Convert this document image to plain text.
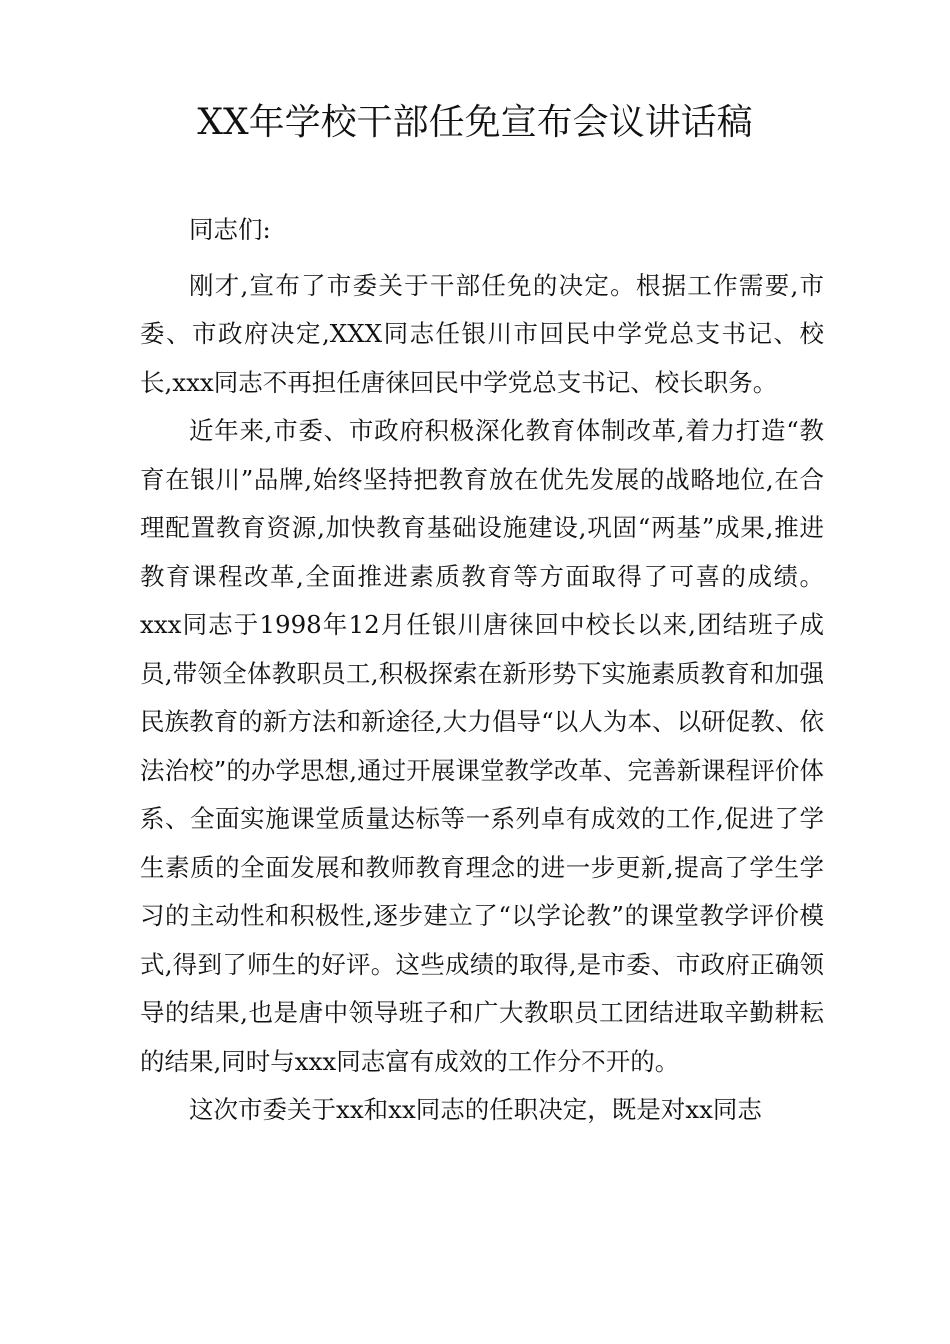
XX年学校干部任免宣布会议讲话稿

同志们:

刚才,宣布了市委关于干部任免的决定。根据工作需要,市委、市政府决定,XXX同志任银川市回民中学党总支书记、校长,xxx同志不再担任唐徕回民中学党总支书记、校长职务。

近年来,市委、市政府积极深化教育体制改革,着力打造“教育在银川”品牌,始终坚持把教育放在优先发展的战略地位,在合理配置教育资源,加快教育基础设施建设,巩固“两基”成果,推进教育课程改革,全面推进素质教育等方面取得了可喜的成绩。xxx同志于1998年12月任银川唐徕回中校长以来,团结班子成员,带领全体教职员工,积极探索在新形势下实施素质教育和加强民族教育的新方法和新途径,大力倡导“以人为本、以研促教、依法治校”的办学思想,通过开展课堂教学改革、完善新课程评价体系、全面实施课堂质量达标等一系列卓有成效的工作,促进了学生素质的全面发展和教师教育理念的进一步更新,提高了学生学习的主动性和积极性,逐步建立了“以学论教”的课堂教学评价模式,得到了师生的好评。这些成绩的取得,是市委、市政府正确领导的结果,也是唐中领导班子和广大教职员工团结进取辛勤耕耘的结果,同时与xxx同志富有成效的工作分不开的。

这次市委关于xx和xx同志的任职决定，既是对xx同志
